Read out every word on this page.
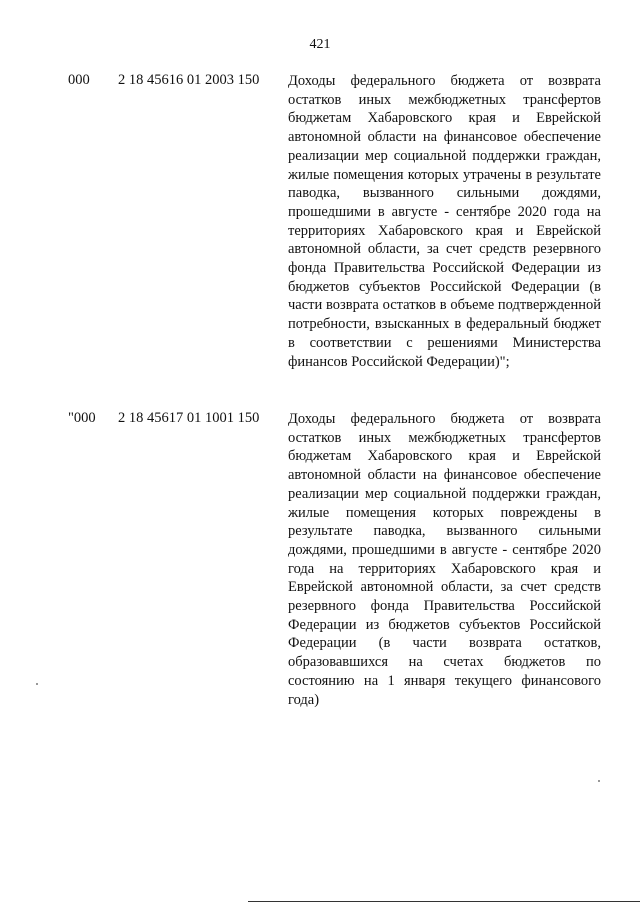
421
000 2 18 45616 01 2003 150 Доходы федерального бюджета от возврата остатков иных межбюджетных трансфертов бюджетам Хабаровского края и Еврейской автономной области на финансовое обеспечение реализации мер социальной поддержки граждан, жилые помещения которых утрачены в результате паводка, вызванного сильными дождями, прошедшими в августе - сентябре 2020 года на территориях Хабаровского края и Еврейской автономной области, за счет средств резервного фонда Правительства Российской Федерации из бюджетов субъектов Российской Федерации (в части возврата остатков в объеме подтвержденной потребности, взысканных в федеральный бюджет в соответствии с решениями Министерства финансов Российской Федерации)";
"000 2 18 45617 01 1001 150 Доходы федерального бюджета от возврата остатков иных межбюджетных трансфертов бюджетам Хабаровского края и Еврейской автономной области на финансовое обеспечение реализации мер социальной поддержки граждан, жилые помещения которых повреждены в результате паводка, вызванного сильными дождями, прошедшими в августе - сентябре 2020 года на территориях Хабаровского края и Еврейской автономной области, за счет средств резервного фонда Правительства Российской Федерации из бюджетов субъектов Российской Федерации (в части возврата остатков, образовавшихся на счетах бюджетов по состоянию на 1 января текущего финансового года)
